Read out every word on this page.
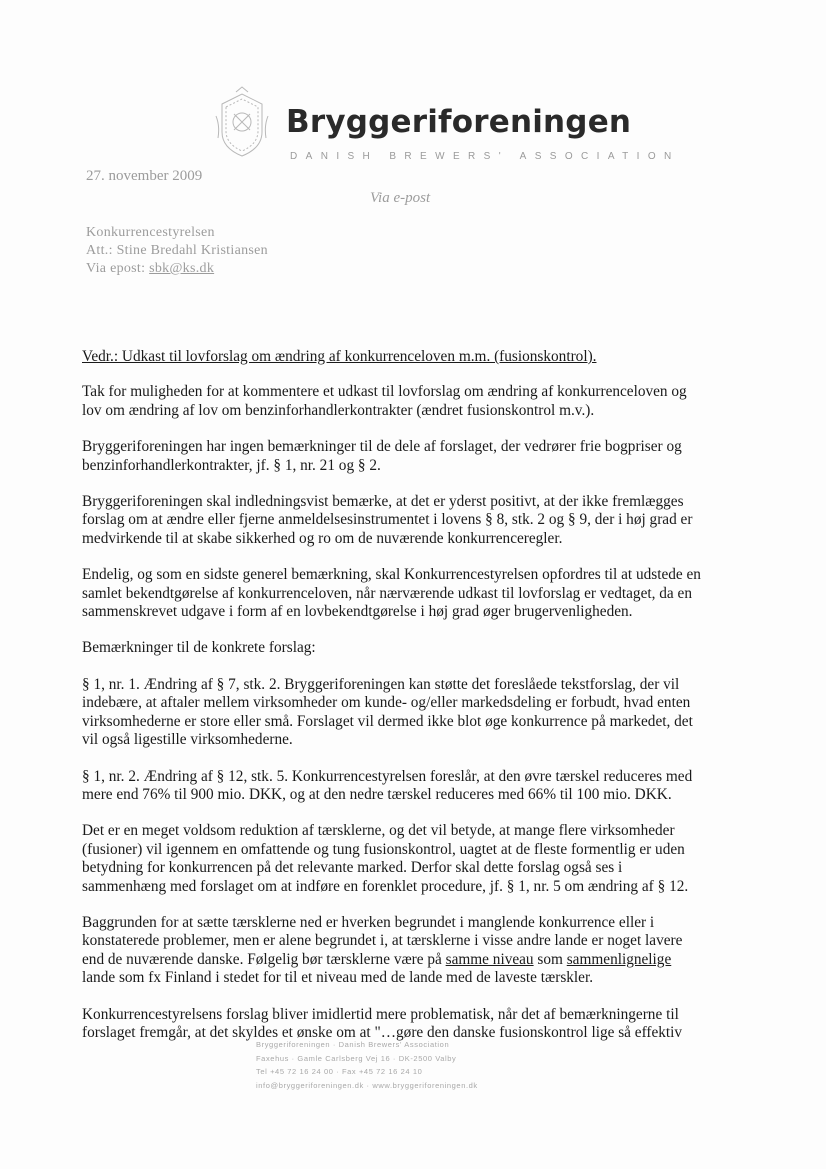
Bryggeriforeningen
DANISH BREWERS' ASSOCIATION
27. november 2009
Via e-post
Konkurrencestyrelsen
Att.: Stine Bredahl Kristiansen
Via epost: sbk@ks.dk

Vedr.: Udkast til lovforslag om ændring af konkurrenceloven m.m. (fusionskontrol).

Tak for muligheden for at kommentere et udkast til lovforslag om ændring af konkurrenceloven og lov om ændring af lov om benzinforhandlerkontrakter (ændret fusionskontrol m.v.).

Bryggeriforeningen har ingen bemærkninger til de dele af forslaget, der vedrører frie bogpriser og benzinforhandlerkontrakter, jf. § 1, nr. 21 og § 2.

Bryggeriforeningen skal indledningsvist bemærke, at det er yderst positivt, at der ikke fremlægges forslag om at ændre eller fjerne anmeldelsesinstrumentet i lovens § 8, stk. 2 og § 9, der i høj grad er medvirkende til at skabe sikkerhed og ro om de nuværende konkurrenceregler.

Endelig, og som en sidste generel bemærkning, skal Konkurrencestyrelsen opfordres til at udstede en samlet bekendtgørelse af konkurrenceloven, når nærværende udkast til lovforslag er vedtaget, da en sammenskrevet udgave i form af en lovbekendtgørelse i høj grad øger brugervenligheden.

Bemærkninger til de konkrete forslag:

§ 1, nr. 1. Ændring af § 7, stk. 2. Bryggeriforeningen kan støtte det foreslåede tekstforslag, der vil indebære, at aftaler mellem virksomheder om kunde- og/eller markedsdeling er forbudt, hvad enten virksomhederne er store eller små. Forslaget vil dermed ikke blot øge konkurrence på markedet, det vil også ligestille virksomhederne.

§ 1, nr. 2. Ændring af § 12, stk. 5. Konkurrencestyrelsen foreslår, at den øvre tærskel reduceres med mere end 76% til 900 mio. DKK, og at den nedre tærskel reduceres med 66% til 100 mio. DKK.

Det er en meget voldsom reduktion af tærsklerne, og det vil betyde, at mange flere virksomheder (fusioner) vil igennem en omfattende og tung fusionskontrol, uagtet at de fleste formentlig er uden betydning for konkurrencen på det relevante marked. Derfor skal dette forslag også ses i sammenhæng med forslaget om at indføre en forenklet procedure, jf. § 1, nr. 5 om ændring af § 12.

Baggrunden for at sætte tærsklerne ned er hverken begrundet i manglende konkurrence eller i konstaterede problemer, men er alene begrundet i, at tærsklerne i visse andre lande er noget lavere end de nuværende danske. Følgelig bør tærsklerne være på samme niveau som sammenlignelige lande som fx Finland i stedet for til et niveau med de lande med de laveste tærskler.

Konkurrencestyrelsens forslag bliver imidlertid mere problematisk, når det af bemærkningerne til forslaget fremgår, at det skyldes et ønske om at "…gøre den danske fusionskontrol lige så effektiv

Bryggeriforeningen · Danish Brewers' Association
Faxehus · Gamle Carlsberg Vej 16 · DK-2500 Valby
Tel +45 72 16 24 00 · Fax +45 72 16 24 10
info@bryggeriforeningen.dk · www.bryggeriforeningen.dk
